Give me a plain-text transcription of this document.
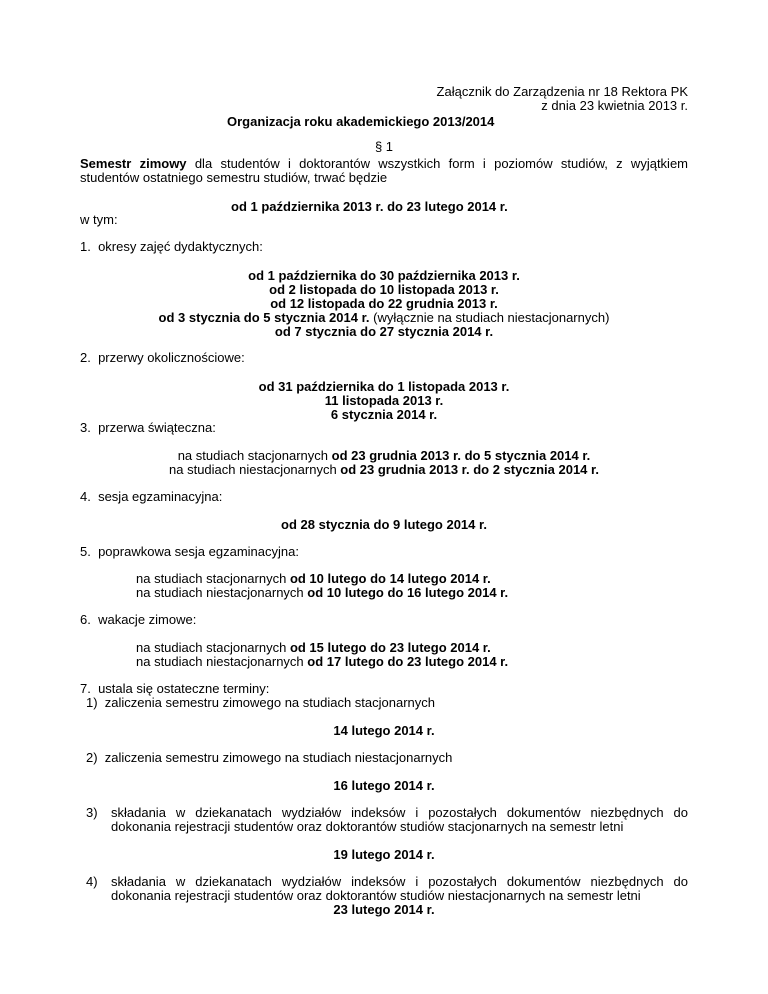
Załącznik do Zarządzenia nr 18 Rektora PK
z dnia 23 kwietnia 2013 r.
Organizacja roku akademickiego 2013/2014
§ 1
Semestr zimowy dla studentów i doktorantów wszystkich form i poziomów studiów, z wyjątkiem
studentów ostatniego semestru studiów, trwać będzie
od 1 października 2013 r. do 23 lutego 2014 r.
w tym:
1. okresy zajęć dydaktycznych:
od 1 października do 30 października 2013 r.
od 2 listopada do 10 listopada 2013 r.
od 12 listopada do 22 grudnia 2013 r.
od 3 stycznia do 5 stycznia 2014 r. (wyłącznie na studiach niestacjonarnych)
od 7 stycznia do 27 stycznia 2014 r.
2. przerwy okolicznościowe:
od 31 października do 1 listopada 2013 r.
11 listopada 2013 r.
6 stycznia 2014 r.
3. przerwa świąteczna:
na studiach stacjonarnych od 23 grudnia 2013 r. do 5 stycznia 2014 r.
na studiach niestacjonarnych od 23 grudnia 2013 r. do 2 stycznia 2014 r.
4. sesja egzaminacyjna:
od 28 stycznia do 9 lutego 2014 r.
5. poprawkowa sesja egzaminacyjna:
na studiach stacjonarnych od 10 lutego do 14 lutego 2014 r.
na studiach niestacjonarnych od 10 lutego do 16 lutego 2014 r.
6. wakacje zimowe:
na studiach stacjonarnych od 15 lutego do 23 lutego 2014 r.
na studiach niestacjonarnych od 17 lutego do 23 lutego 2014 r.
7. ustala się ostateczne terminy:
1) zaliczenia semestru zimowego na studiach stacjonarnych
14 lutego 2014 r.
2) zaliczenia semestru zimowego na studiach niestacjonarnych
16 lutego 2014 r.
3) składania w dziekanatach wydziałów indeksów i pozostałych dokumentów niezbędnych do
dokonania rejestracji studentów oraz doktorantów studiów stacjonarnych na semestr letni
19 lutego 2014 r.
4) składania w dziekanatach wydziałów indeksów i pozostałych dokumentów niezbędnych do
dokonania rejestracji studentów oraz doktorantów studiów niestacjonarnych na semestr letni
23 lutego 2014 r.
